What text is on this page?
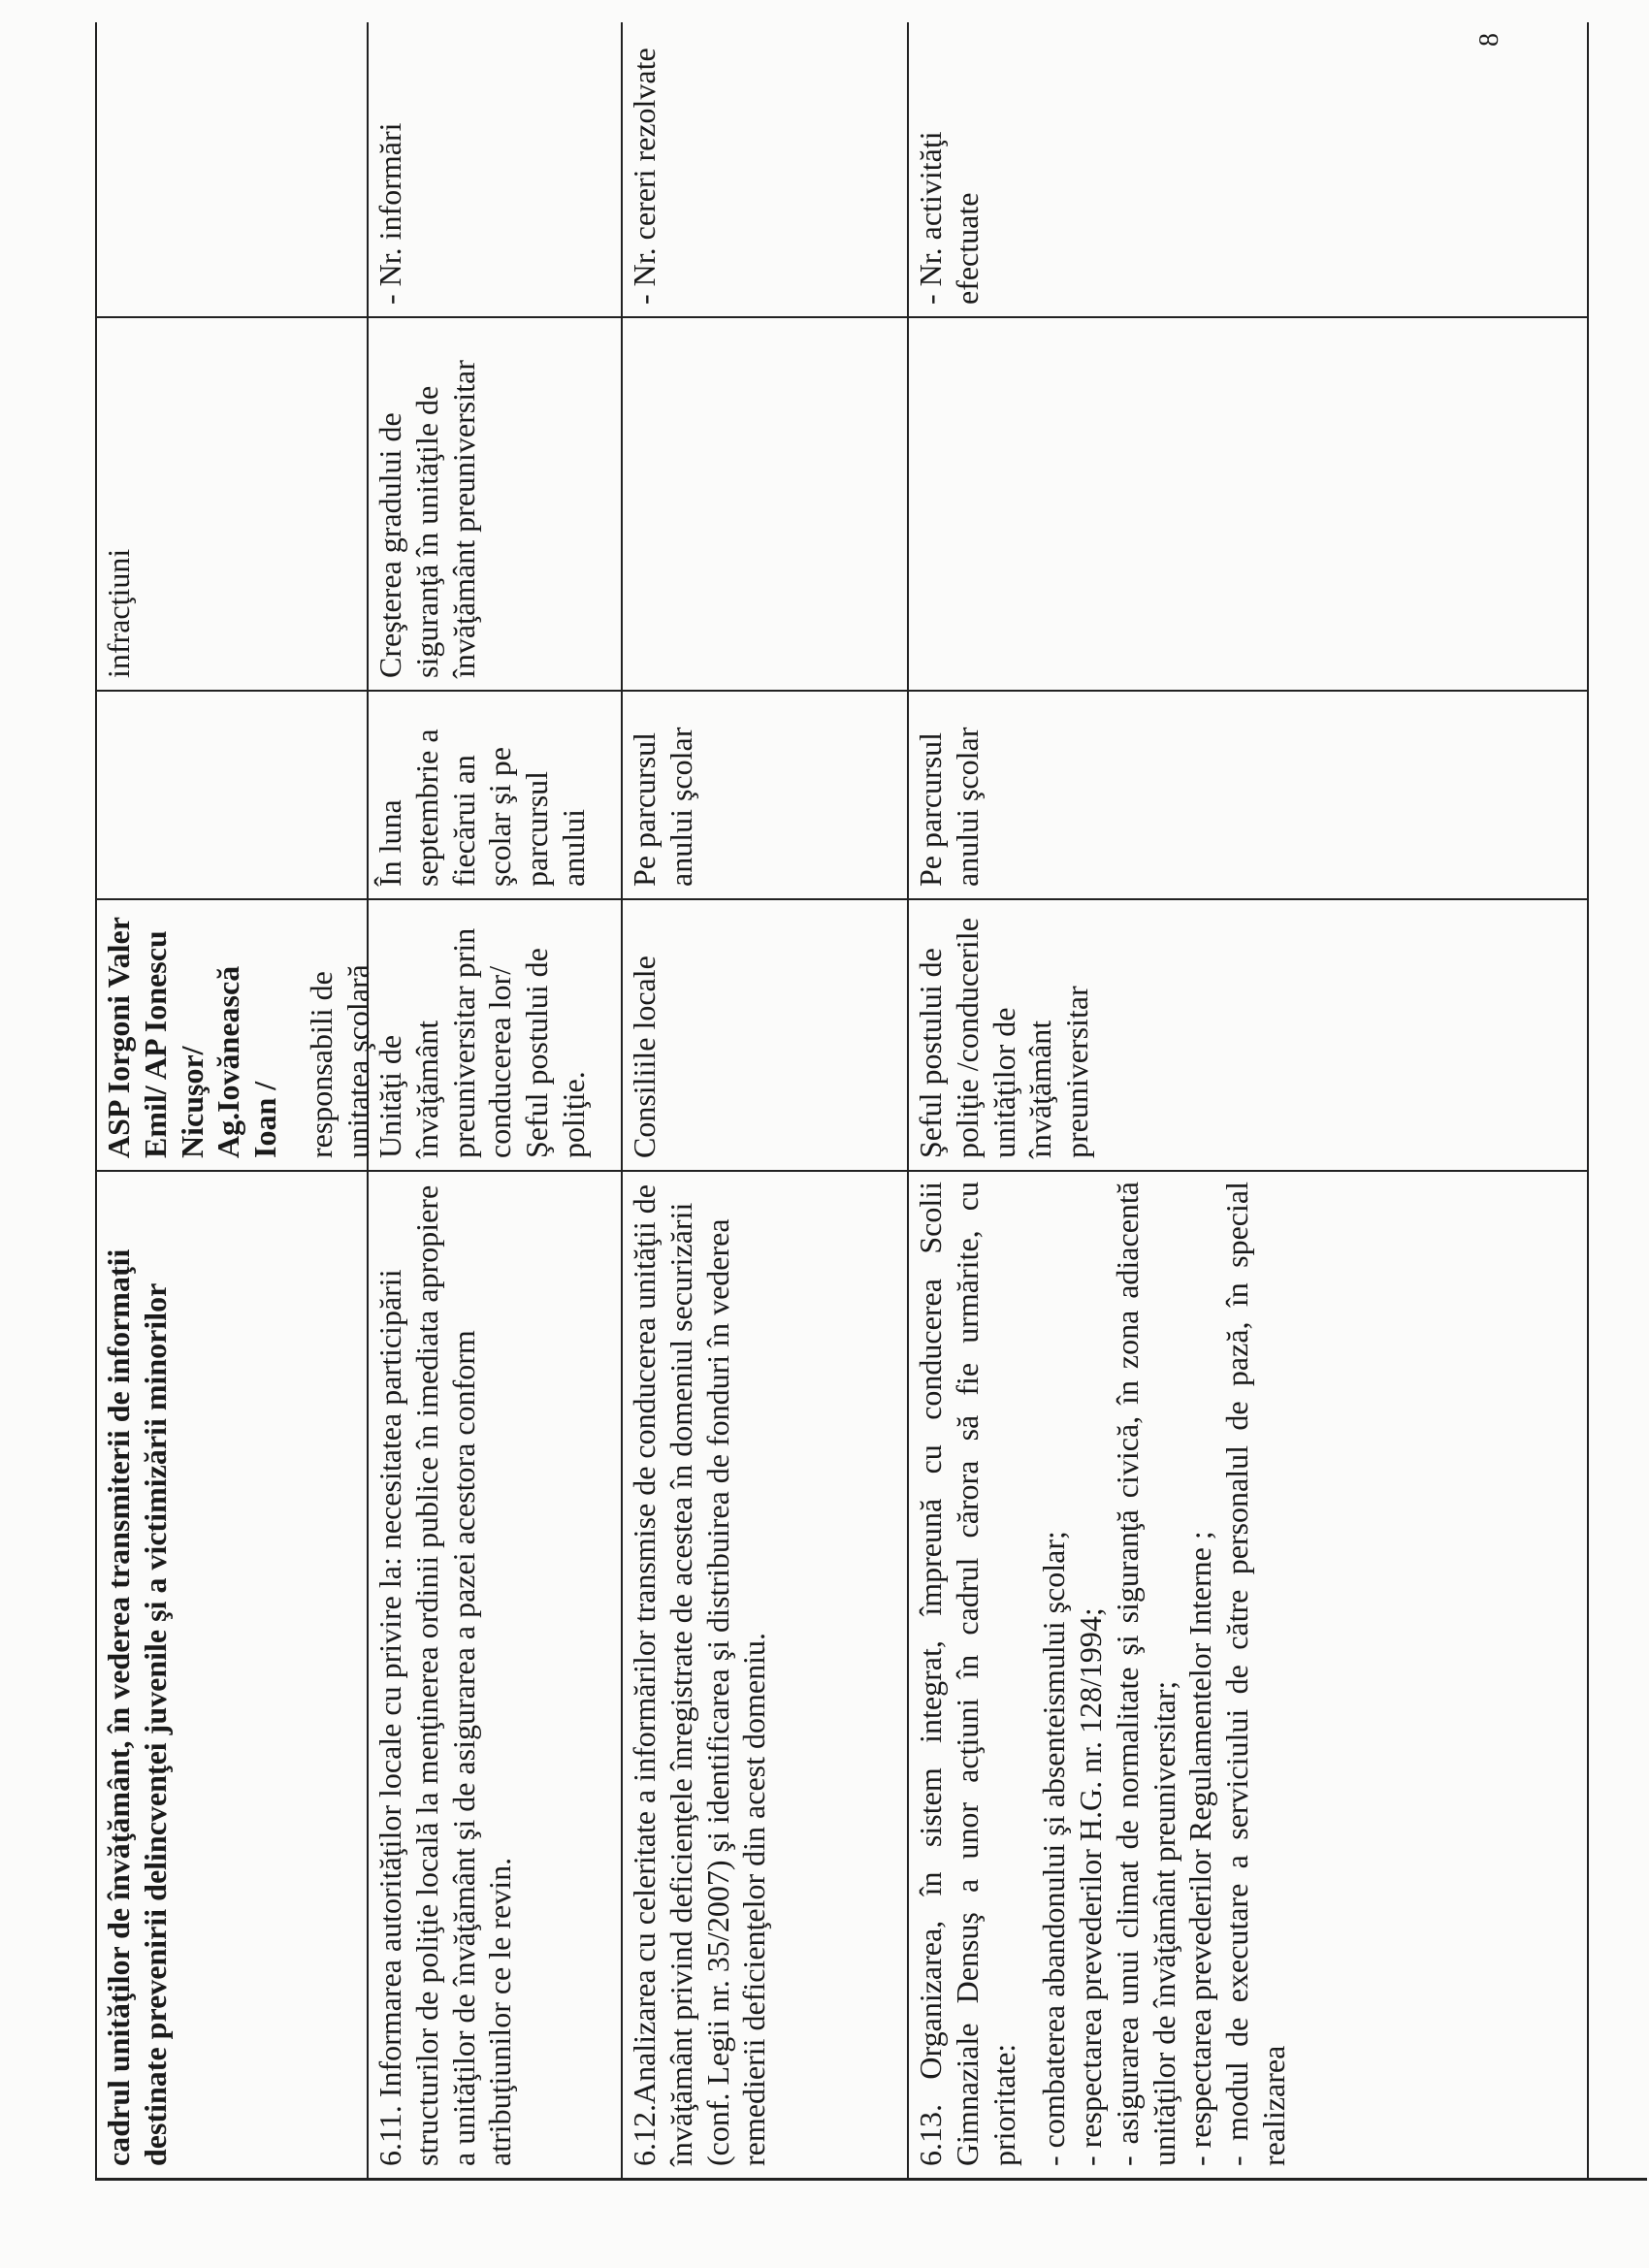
cadrul unităţilor de învăţământ, în vederea transmiterii de informaţii destinate prevenirii delincvenţei juvenile şi a victimizării minorilor
ASP Iorgoni Valer Emil/ AP Ionescu Nicuşor/ Ag.Iovănească Ioan / responsabili de unitatea şcolară
infracţiuni
6.11. Informarea autorităţilor locale cu privire la: necesitatea participării structurilor de poliţie locală la menţinerea ordinii publice în imediata apropiere a unităţilor de învăţământ şi de asigurarea a pazei acestora conform atribuţiunilor ce le revin.
Unităţi de învăţământ preuniversitar prin conducerea lor/ Şeful postului de poliţie.
În luna septembrie a fiecărui an şcolar şi pe parcursul anului
Creşterea gradului de siguranţă în unităţile de învăţământ preuniversitar
- Nr. informări
6.12.Analizarea cu celeritate a informărilor transmise de conducerea unităţii de învăţământ privind deficienţele înregistrate de acestea în domeniul securizării (conf. Legii nr. 35/2007) şi identificarea şi distribuirea de fonduri în vederea remedierii deficienţelor din acest domeniu.
Consiliile locale
Pe parcursul anului şcolar
- Nr. cereri rezolvate
6.13. Organizarea, în sistem integrat, împreună cu conducerea Scolii Gimnaziale Densuş a unor acţiuni în cadrul cărora să fie urmărite, cu prioritate: - combaterea abandonului şi absenteismului şcolar; - respectarea prevederilor H.G. nr. 128/1994; - asigurarea unui climat de normalitate şi siguranţă civică, în zona adiacentă unităţilor de învăţământ preuniversitar; - respectarea prevederilor Regulamentelor Interne ; - modul de executare a serviciului de către personalul de pază, în special realizarea
Şeful postului de poliţie /conducerile unităţilor de învăţământ preuniversitar
Pe parcursul anului şcolar
- Nr. activităţi efectuate
8
